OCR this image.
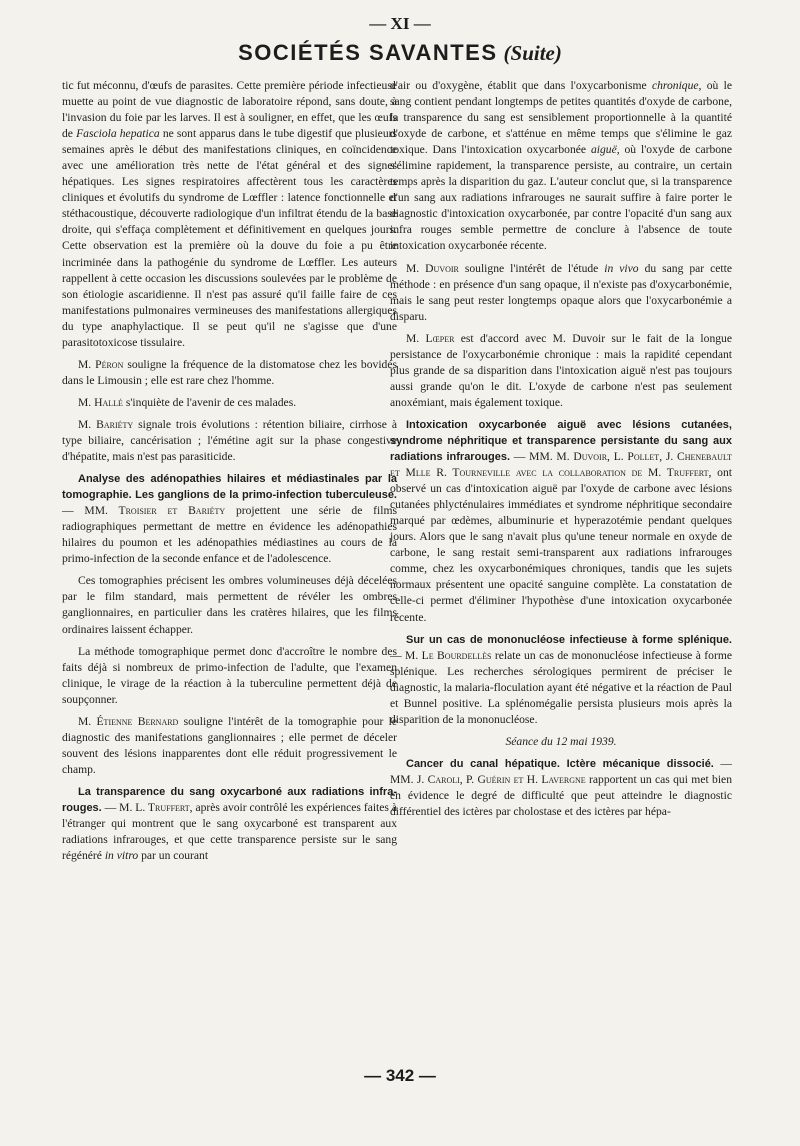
— XI —
SOCIÉTÉS SAVANTES (Suite)

tic fut méconnu, d'œufs de parasites. Cette première période infectieuse muette au point de vue diagnostic de laboratoire répond, sans doute, à l'invasion du foie par les larves. Il est à souligner, en effet, que les œufs de Fasciola hepatica ne sont apparus dans le tube digestif que plusieurs semaines après le début des manifestations cliniques, en coïncidence avec une amélioration très nette de l'état général et des signes hépatiques. Les signes respiratoires affectèrent tous les caractères cliniques et évolutifs du syndrome de Lœffler : latence fonctionnelle et stéthacoustique, découverte radiologique d'un infiltrat étendu de la base droite, qui s'effaça complètement et définitivement en quelques jours. Cette observation est la première où la douve du foie a pu être incriminée dans la pathogénie du syndrome de Lœffler. Les auteurs rappellent à cette occasion les discussions soulevées par le problème de son étiologie ascaridienne. Il n'est pas assuré qu'il faille faire de ces manifestations pulmonaires vermineuses des manifestations allergiques du type anaphylactique. Il se peut qu'il ne s'agisse que d'une parasitotoxicose tissulaire.

M. Péron souligne la fréquence de la distomatose chez les bovidés dans le Limousin ; elle est rare chez l'homme.

M. Hallé s'inquiète de l'avenir de ces malades.

M. Bariéty signale trois évolutions : rétention biliaire, cirrhose à type biliaire, cancérisation ; l'émétine agit sur la phase congestive d'hépatite, mais n'est pas parasiticide.

Analyse des adénopathies hilaires et médiastinales par la tomographie. Les ganglions de la primo-infection tuberculeuse. — MM. Troisier et Bariéty projettent une série de films radiographiques permettant de mettre en évidence les adénopathies hilaires du poumon et les adénopathies médiastines au cours de la primo-infection de la seconde enfance et de l'adolescence.

Ces tomographies précisent les ombres volumineuses déjà décelées par le film standard, mais permettent de révéler les ombres ganglionnaires, en particulier dans les cratères hilaires, que les films ordinaires laissent échapper.

La méthode tomographique permet donc d'accroître le nombre des faits déjà si nombreux de primo-infection de l'adulte, que l'examen clinique, le virage de la réaction à la tuberculine permettent déjà de soupçonner.

M. Étienne Bernard souligne l'intérêt de la tomographie pour le diagnostic des manifestations ganglionnaires ; elle permet de déceler souvent des lésions inapparentes dont elle réduit progressivement le champ.

La transparence du sang oxycarboné aux radiations infra-rouges. — M. L. Truffert, après avoir contrôlé les expériences faites à l'étranger qui montrent que le sang oxycarboné est transparent aux radiations infrarouges, et que cette transparence persiste sur le sang régénéré in vitro par un courant

d'air ou d'oxygène, établit que dans l'oxycarbonisme chronique, où le sang contient pendant longtemps de petites quantités d'oxyde de carbone, la transparence du sang est sensiblement proportionnelle à la quantité d'oxyde de carbone, et s'atténue en même temps que s'élimine le gaz toxique. Dans l'intoxication oxycarbonée aiguë, où l'oxyde de carbone s'élimine rapidement, la transparence persiste, au contraire, un certain temps après la disparition du gaz. L'auteur conclut que, si la transparence d'un sang aux radiations infrarouges ne saurait suffire à faire porter le diagnostic d'intoxication oxycarbonée, par contre l'opacité d'un sang aux infra rouges semble permettre de conclure à l'absence de toute intoxication oxycarbonée récente.

M. Duvoir souligne l'intérêt de l'étude in vivo du sang par cette méthode : en présence d'un sang opaque, il n'existe pas d'oxycarbonémie, mais le sang peut rester longtemps opaque alors que l'oxycarbonémie a disparu.

M. Lœper est d'accord avec M. Duvoir sur le fait de la longue persistance de l'oxycarbonémie chronique : mais la rapidité cependant plus grande de sa disparition dans l'intoxication aiguë n'est pas toujours aussi grande qu'on le dit. L'oxyde de carbone n'est pas seulement anoxémiant, mais également toxique.

Intoxication oxycarbonée aiguë avec lésions cutanées, syndrome néphritique et transparence persistante du sang aux radiations infrarouges. — MM. M. Duvoir, L. Pollet, J. Chenebault et Mlle R. Tourneville avec la collaboration de M. Truffert, ont observé un cas d'intoxication aiguë par l'oxyde de carbone avec lésions cutanées phlycténulaires immédiates et syndrome néphritique secondaire marqué par œdèmes, albuminurie et hyperazotémie pendant quelques jours. Alors que le sang n'avait plus qu'une teneur normale en oxyde de carbone, le sang restait semi-transparent aux radiations infrarouges comme, chez les oxycarbonémiques chroniques, tandis que les sujets normaux présentent une opacité sanguine complète. La constatation de celle-ci permet d'éliminer l'hypothèse d'une intoxication oxycarbonée récente.

Sur un cas de mononucléose infectieuse à forme splénique. — M. Le Bourdellès relate un cas de mononucléose infectieuse à forme splénique. Les recherches sérologiques permirent de préciser le diagnostic, la malaria-floculation ayant été négative et la réaction de Paul et Bunnel positive. La splénomégalie persista plusieurs mois après la disparition de la mononucléose.

Séance du 12 mai 1939.

Cancer du canal hépatique. Ictère mécanique dissocié. — MM. J. Caroli, P. Guérin et H. Lavergne rapportent un cas qui met bien en évidence le degré de difficulté que peut atteindre le diagnostic différentiel des ictères par cholostase et des ictères par hépa-

— 342 —
